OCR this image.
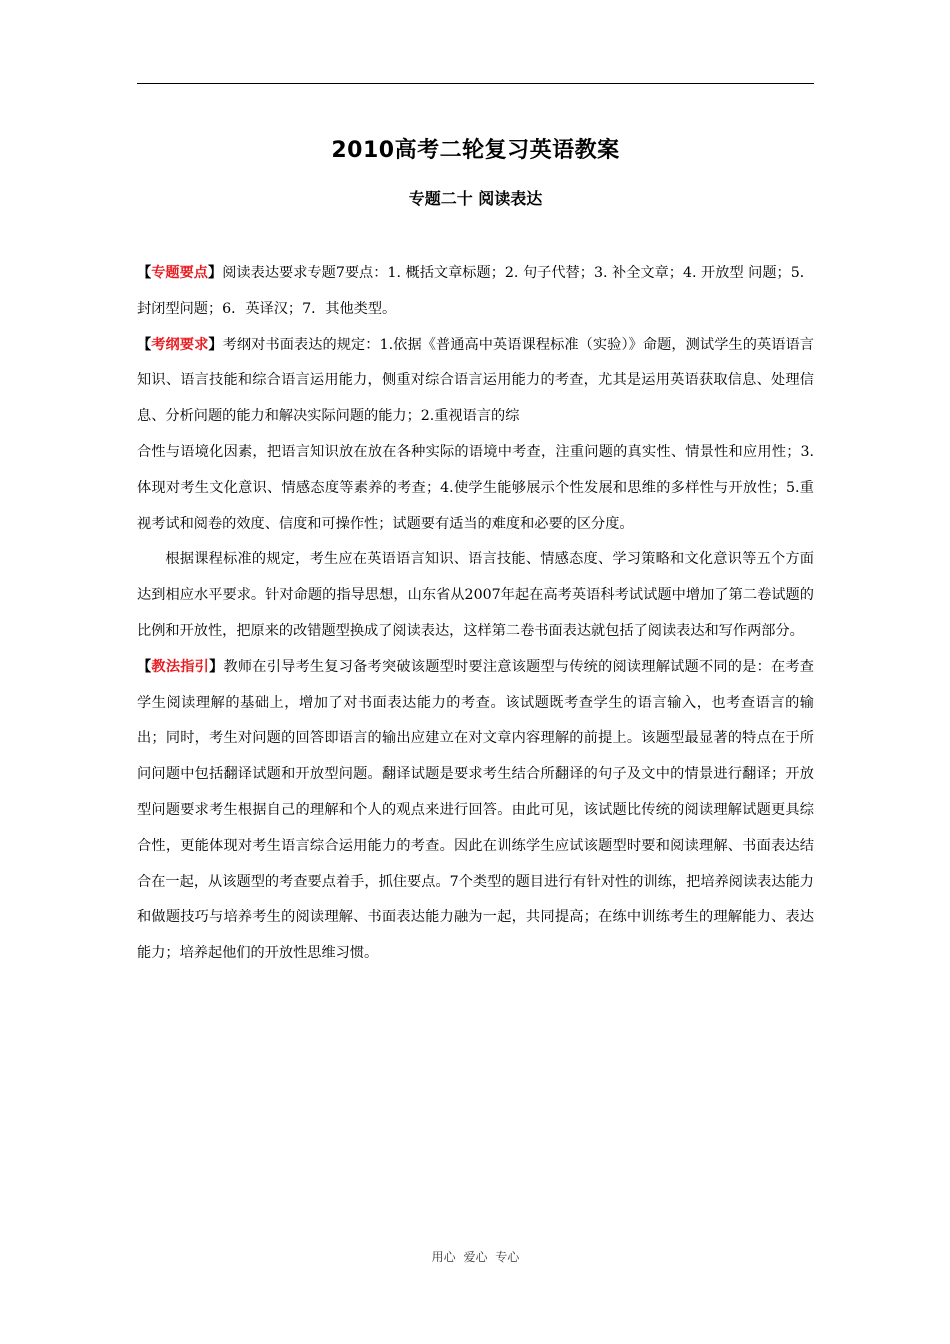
2010高考二轮复习英语教案
专题二十 阅读表达

【专题要点】阅读表达要求专题7要点：1. 概括文章标题；2. 句子代替；3. 补全文章；4. 开放型 问题；5．封闭型问题；6．英译汉；7．其他类型。

【考纲要求】考纲对书面表达的规定：1.依据《普通高中英语课程标准（实验）》命题，测试学生的英语语言知识、语言技能和综合语言运用能力，侧重对综合语言运用能力的考查，尤其是运用英语获取信息、处理信息、分析问题的能力和解决实际问题的能力；2.重视语言的综

合性与语境化因素，把语言知识放在放在各种实际的语境中考查，注重问题的真实性、情景性和应用性；3.体现对考生文化意识、情感态度等素养的考查；4.使学生能够展示个性发展和思维的多样性与开放性；5.重视考试和阅卷的效度、信度和可操作性；试题要有适当的难度和必要的区分度。

根据课程标准的规定，考生应在英语语言知识、语言技能、情感态度、学习策略和文化意识等五个方面达到相应水平要求。针对命题的指导思想，山东省从2007年起在高考英语科考试试题中增加了第二卷试题的比例和开放性，把原来的改错题型换成了阅读表达，这样第二卷书面表达就包括了阅读表达和写作两部分。

【教法指引】教师在引导考生复习备考突破该题型时要注意该题型与传统的阅读理解试题不同的是：在考查学生阅读理解的基础上，增加了对书面表达能力的考查。该试题既考查学生的语言输入，也考查语言的输出；同时，考生对问题的回答即语言的输出应建立在对文章内容理解的前提上。该题型最显著的特点在于所问问题中包括翻译试题和开放型问题。翻译试题是要求考生结合所翻译的句子及文中的情景进行翻译；开放型问题要求考生根据自己的理解和个人的观点来进行回答。由此可见，该试题比传统的阅读理解试题更具综合性，更能体现对考生语言综合运用能力的考查。因此在训练学生应试该题型时要和阅读理解、书面表达结合在一起，从该题型的考查要点着手，抓住要点。7个类型的题目进行有针对性的训练，把培养阅读表达能力和做题技巧与培养考生的阅读理解、书面表达能力融为一起，共同提高；在练中训练考生的理解能力、表达能力；培养起他们的开放性思维习惯。

用心 爱心 专心
